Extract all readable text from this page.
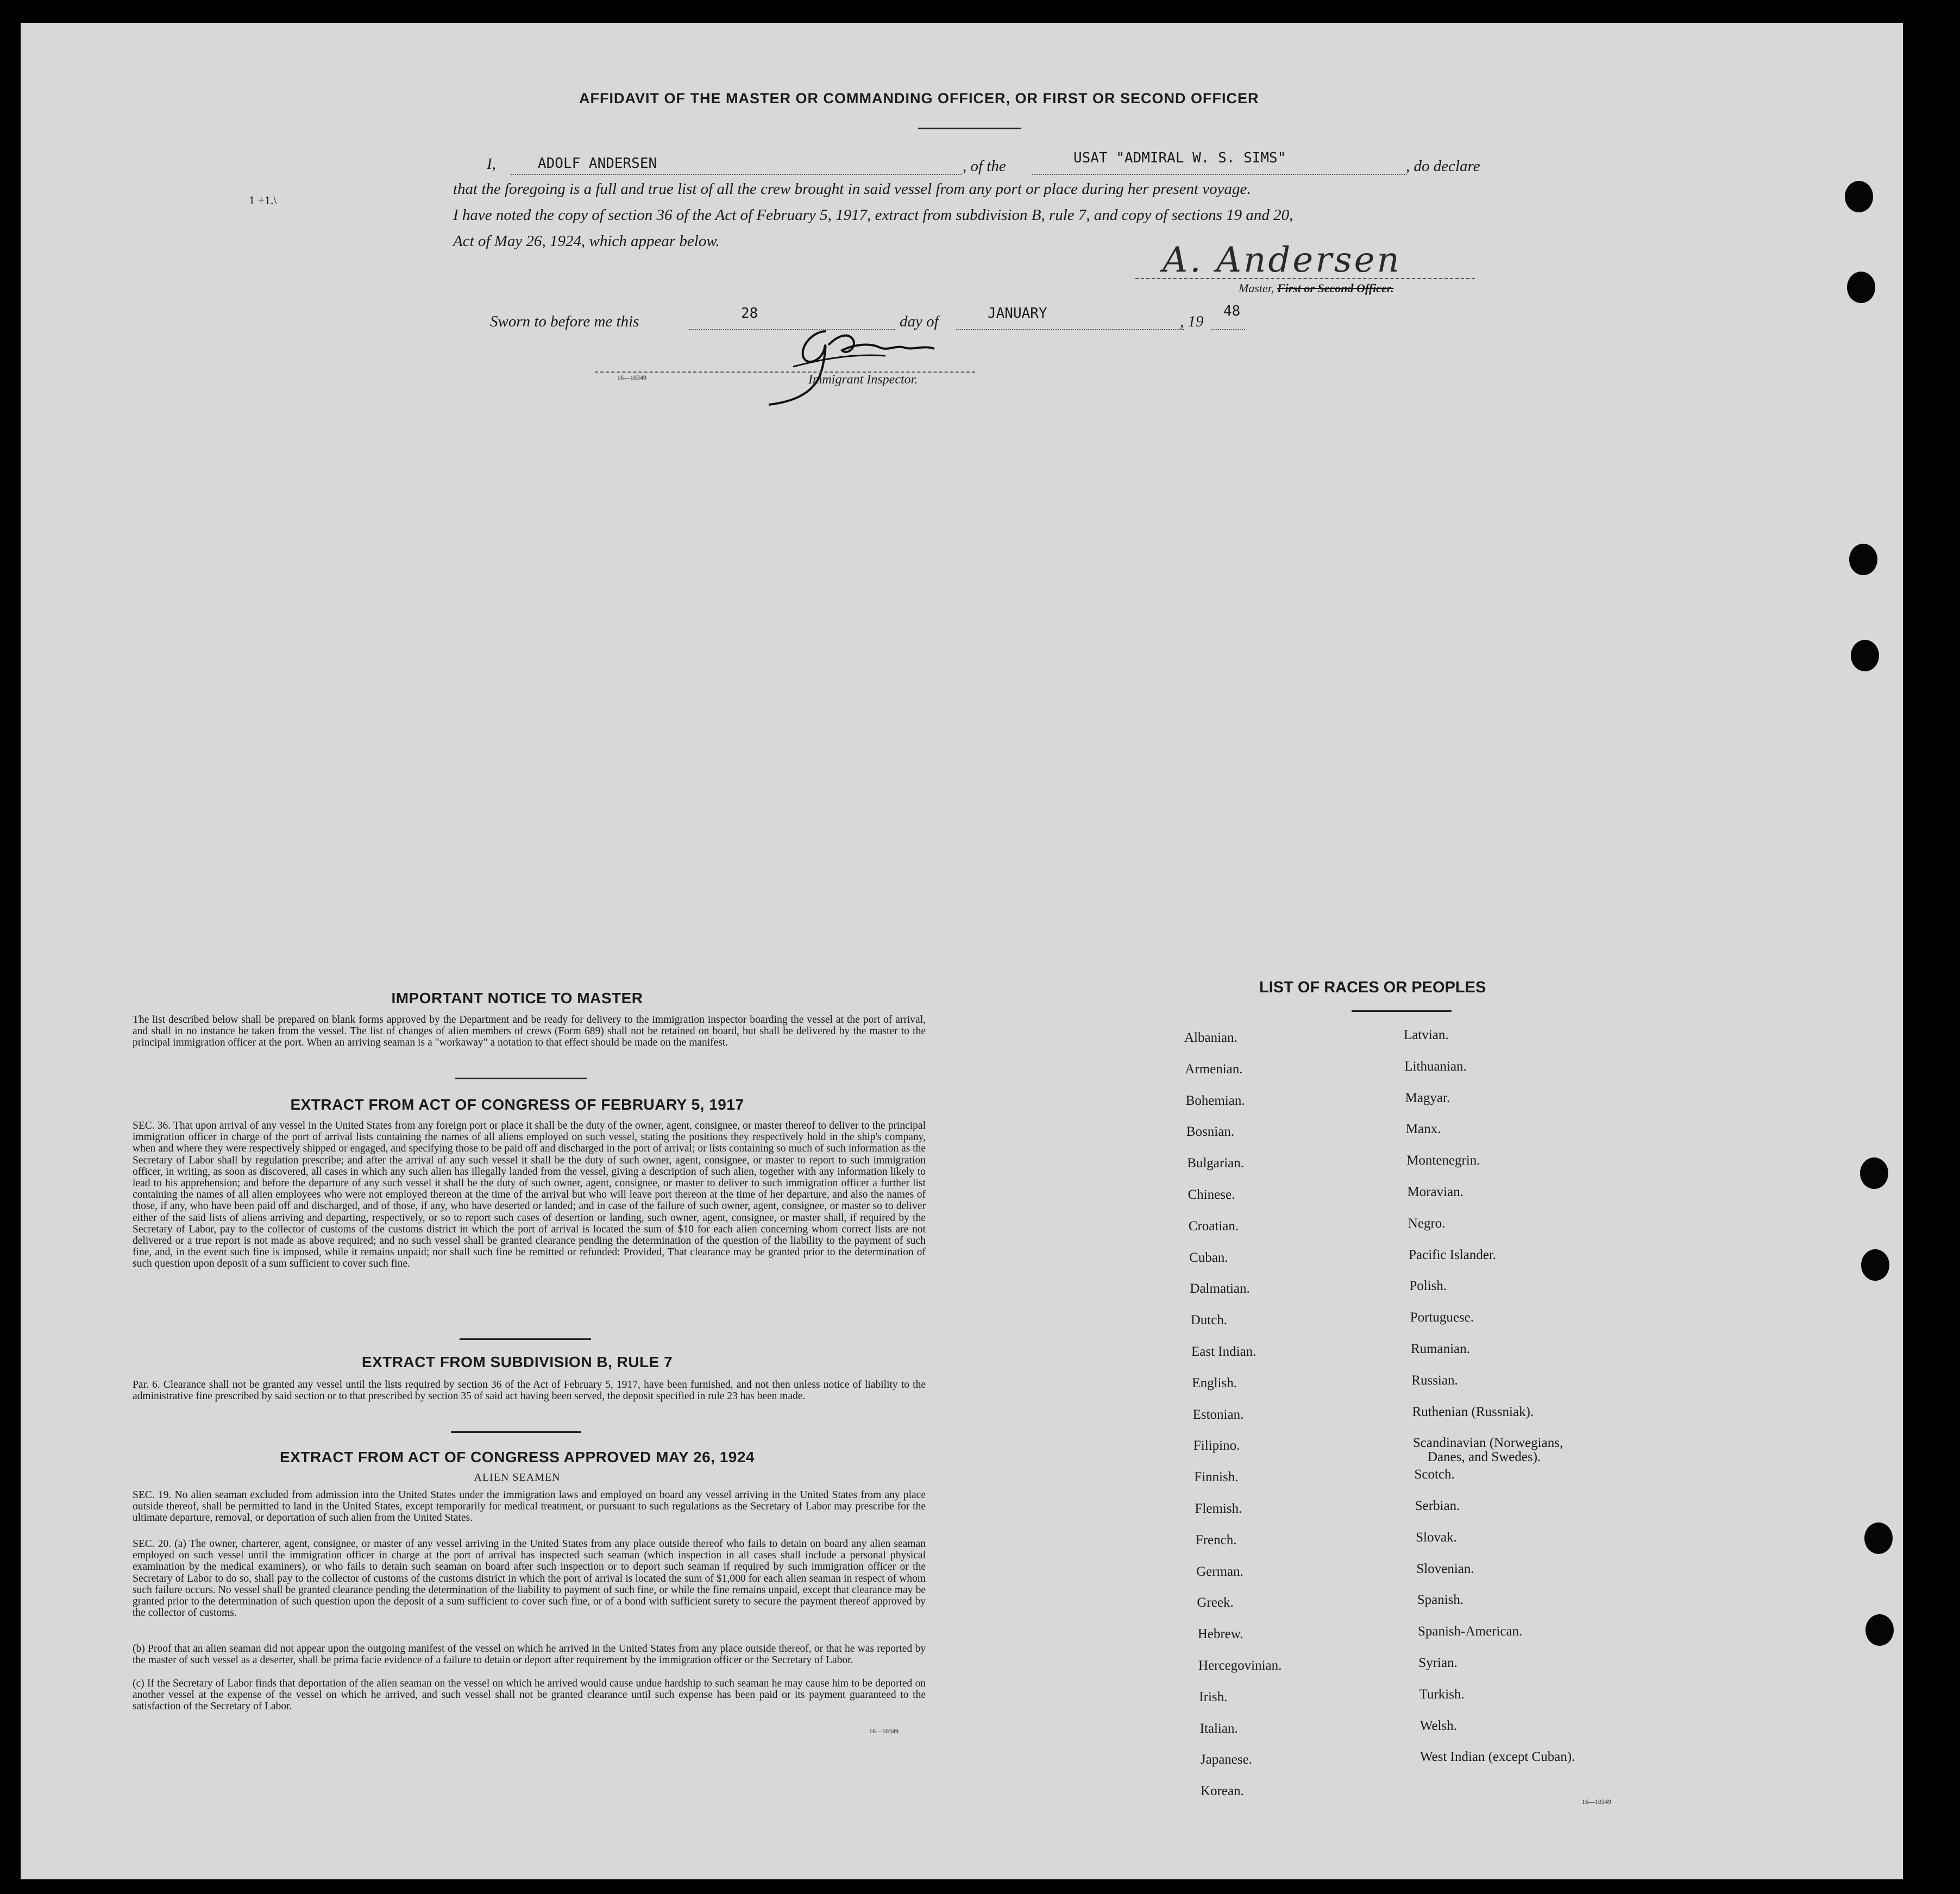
AFFIDAVIT OF THE MASTER OR COMMANDING OFFICER, OR FIRST OR SECOND OFFICER
I,	ADOLF ANDERSEN	, of the	USAT "ADMIRAL W. S. SIMS"	, do declare
that the foregoing is a full and true list of all the crew brought in said vessel from any port or place during her present voyage.
I have noted the copy of section 36 of the Act of February 5, 1917, extract from subdivision B, rule 7, and copy of sections 19 and 20,
Act of May 26, 1924, which appear below.
1 +1.\
A. Andersen
Master, First or Second Officer.
Sworn to before me this	28	day of	JANUARY	, 19
48
16—10349	Immigrant Inspector.
IMPORTANT NOTICE TO MASTER
The list described below shall be prepared on blank forms approved by the Department and be ready for delivery to the immigration inspector boarding the vessel at the port of arrival, and shall in no instance be taken from the vessel. The list of changes of alien members of crews (Form 689) shall not be retained on board, but shall be delivered by the master to the principal immigration officer at the port. When an arriving seaman is a "workaway" a notation to that effect should be made on the manifest.
EXTRACT FROM ACT OF CONGRESS OF FEBRUARY 5, 1917
SEC. 36. That upon arrival of any vessel in the United States from any foreign port or place it shall be the duty of the owner, agent, consignee, or master thereof to deliver to the principal immigration officer in charge of the port of arrival lists containing the names of all aliens employed on such vessel, stating the positions they respectively hold in the ship's company, when and where they were respectively shipped or engaged, and specifying those to be paid off and discharged in the port of arrival; or lists containing so much of such information as the Secretary of Labor shall by regulation prescribe; and after the arrival of any such vessel it shall be the duty of such owner, agent, consignee, or master to report to such immigration officer, in writing, as soon as discovered, all cases in which any such alien has illegally landed from the vessel, giving a description of such alien, together with any information likely to lead to his apprehension; and before the departure of any such vessel it shall be the duty of such owner, agent, consignee, or master to deliver to such immigration officer a further list containing the names of all alien employees who were not employed thereon at the time of the arrival but who will leave port thereon at the time of her departure, and also the names of those, if any, who have been paid off and discharged, and of those, if any, who have deserted or landed; and in case of the failure of such owner, agent, consignee, or master so to deliver either of the said lists of aliens arriving and departing, respectively, or so to report such cases of desertion or landing, such owner, agent, consignee, or master shall, if required by the Secretary of Labor, pay to the collector of customs of the customs district in which the port of arrival is located the sum of $10 for each alien concerning whom correct lists are not delivered or a true report is not made as above required; and no such vessel shall be granted clearance pending the determination of the question of the liability to the payment of such fine, and, in the event such fine is imposed, while it remains unpaid; nor shall such fine be remitted or refunded: Provided, That clearance may be granted prior to the determination of such question upon deposit of a sum sufficient to cover such fine.
EXTRACT FROM SUBDIVISION B, RULE 7
Par. 6. Clearance shall not be granted any vessel until the lists required by section 36 of the Act of February 5, 1917, have been furnished, and not then unless notice of liability to the administrative fine prescribed by said section or to that prescribed by section 35 of said act having been served, the deposit specified in rule 23 has been made.
EXTRACT FROM ACT OF CONGRESS APPROVED MAY 26, 1924
ALIEN SEAMEN
SEC. 19. No alien seaman excluded from admission into the United States under the immigration laws and employed on board any vessel arriving in the United States from any place outside thereof, shall be permitted to land in the United States, except temporarily for medical treatment, or pursuant to such regulations as the Secretary of Labor may prescribe for the ultimate departure, removal, or deportation of such alien from the United States.
SEC. 20. (a) The owner, charterer, agent, consignee, or master of any vessel arriving in the United States from any place outside thereof who fails to detain on board any alien seaman employed on such vessel until the immigration officer in charge at the port of arrival has inspected such seaman (which inspection in all cases shall include a personal physical examination by the medical examiners), or who fails to detain such seaman on board after such inspection or to deport such seaman if required by such immigration officer or the Secretary of Labor to do so, shall pay to the collector of customs of the customs district in which the port of arrival is located the sum of $1,000 for each alien seaman in respect of whom such failure occurs. No vessel shall be granted clearance pending the determination of the liability to payment of such fine, or while the fine remains unpaid, except that clearance may be granted prior to the determination of such question upon the deposit of a sum sufficient to cover such fine, or of a bond with sufficient surety to secure the payment thereof approved by the collector of customs.
(b) Proof that an alien seaman did not appear upon the outgoing manifest of the vessel on which he arrived in the United States from any place outside thereof, or that he was reported by the master of such vessel as a deserter, shall be prima facie evidence of a failure to detain or deport after requirement by the immigration officer or the Secretary of Labor.
(c) If the Secretary of Labor finds that deportation of the alien seaman on the vessel on which he arrived would cause undue hardship to such seaman he may cause him to be deported on another vessel at the expense of the vessel on which he arrived, and such vessel shall not be granted clearance until such expense has been paid or its payment guaranteed to the satisfaction of the Secretary of Labor.
16—10349
LIST OF RACES OR PEOPLES
Albanian.
Armenian.
Bohemian.
Bosnian.
Bulgarian.
Chinese.
Croatian.
Cuban.
Dalmatian.
Dutch.
East Indian.
English.
Estonian.
Filipino.
Finnish.
Flemish.
French.
German.
Greek.
Hebrew.
Hercegovinian.
Irish.
Italian.
Japanese.
Korean.
Latvian.
Lithuanian.
Magyar.
Manx.
Montenegrin.
Moravian.
Negro.
Pacific Islander.
Polish.
Portuguese.
Rumanian.
Russian.
Ruthenian (Russniak).
Scandinavian (Norwegians,
Danes, and Swedes).
Scotch.
Serbian.
Slovak.
Slovenian.
Spanish.
Spanish-American.
Syrian.
Turkish.
Welsh.
West Indian (except Cuban).
16—10349
